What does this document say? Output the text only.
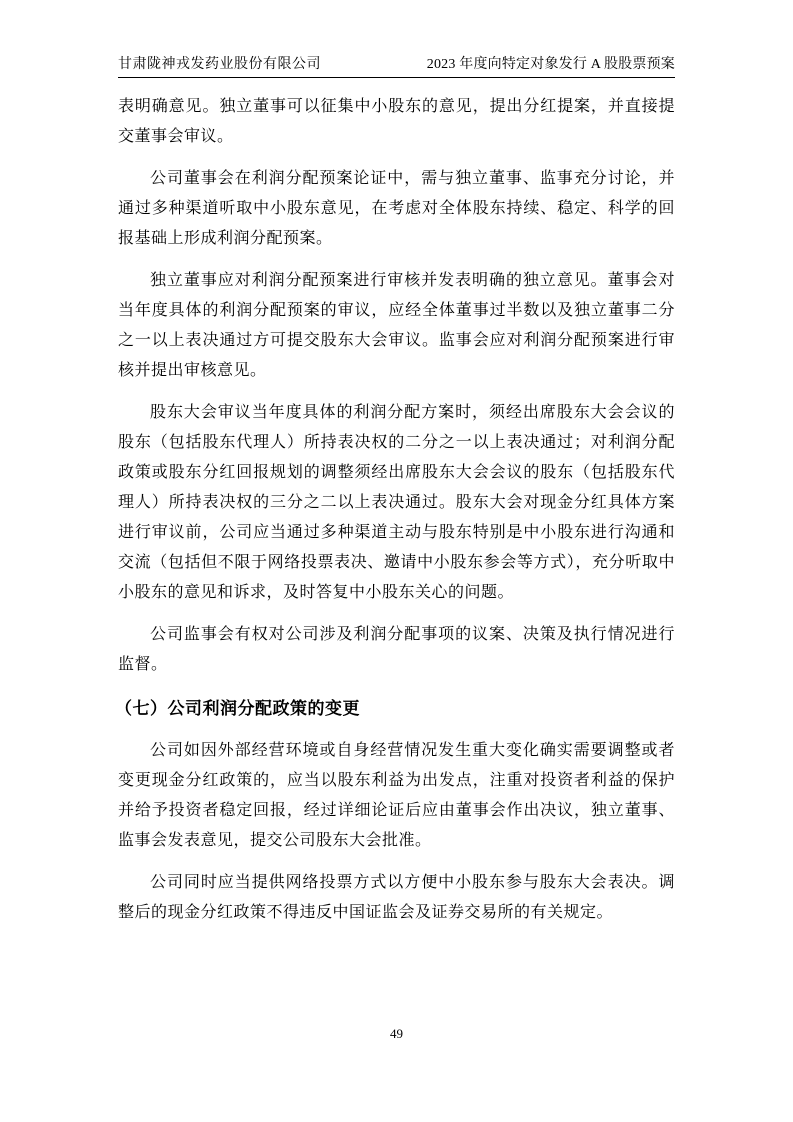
甘肃陇神戎发药业股份有限公司	2023 年度向特定对象发行 A 股股票预案

表明确意见。独立董事可以征集中小股东的意见，提出分红提案，并直接提交董事会审议。

公司董事会在利润分配预案论证中，需与独立董事、监事充分讨论，并通过多种渠道听取中小股东意见，在考虑对全体股东持续、稳定、科学的回报基础上形成利润分配预案。

独立董事应对利润分配预案进行审核并发表明确的独立意见。董事会对当年度具体的利润分配预案的审议，应经全体董事过半数以及独立董事二分之一以上表决通过方可提交股东大会审议。监事会应对利润分配预案进行审核并提出审核意见。

股东大会审议当年度具体的利润分配方案时，须经出席股东大会会议的股东（包括股东代理人）所持表决权的二分之一以上表决通过；对利润分配政策或股东分红回报规划的调整须经出席股东大会会议的股东（包括股东代理人）所持表决权的三分之二以上表决通过。股东大会对现金分红具体方案进行审议前，公司应当通过多种渠道主动与股东特别是中小股东进行沟通和交流（包括但不限于网络投票表决、邀请中小股东参会等方式），充分听取中小股东的意见和诉求，及时答复中小股东关心的问题。

公司监事会有权对公司涉及利润分配事项的议案、决策及执行情况进行监督。

（七）公司利润分配政策的变更

公司如因外部经营环境或自身经营情况发生重大变化确实需要调整或者变更现金分红政策的，应当以股东利益为出发点，注重对投资者利益的保护并给予投资者稳定回报，经过详细论证后应由董事会作出决议，独立董事、监事会发表意见，提交公司股东大会批准。

公司同时应当提供网络投票方式以方便中小股东参与股东大会表决。调整后的现金分红政策不得违反中国证监会及证券交易所的有关规定。

49
